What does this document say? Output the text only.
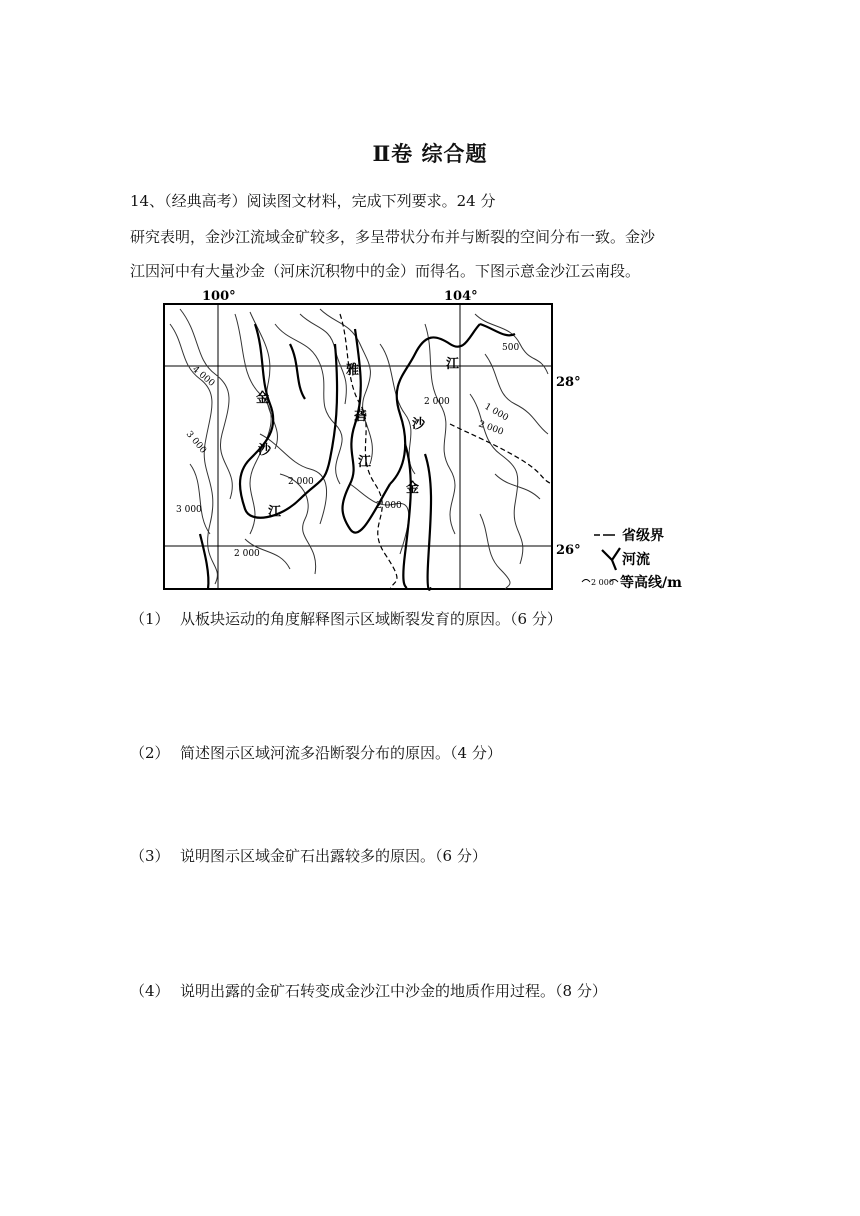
Ⅱ卷 综合题
14、（经典高考）阅读图文材料，完成下列要求。24 分
研究表明，金沙江流域金矿较多，多呈带状分布并与断裂的空间分布一致。金沙
江因河中有大量沙金（河床沉积物中的金）而得名。下图示意金沙江云南段。
100°	104°
28°
26°
金
沙
江
雅
砻
江
金
沙
江
4 000
3 000
3 000
2 000
2 000
2 000
2 000	1 000
2 000
500
省级界
河流
2 000 等高线/m
（1） 从板块运动的角度解释图示区域断裂发育的原因。（6 分）
（2） 简述图示区域河流多沿断裂分布的原因。（4 分）
（3） 说明图示区域金矿石出露较多的原因。（6 分）
（4） 说明出露的金矿石转变成金沙江中沙金的地质作用过程。（8 分）
